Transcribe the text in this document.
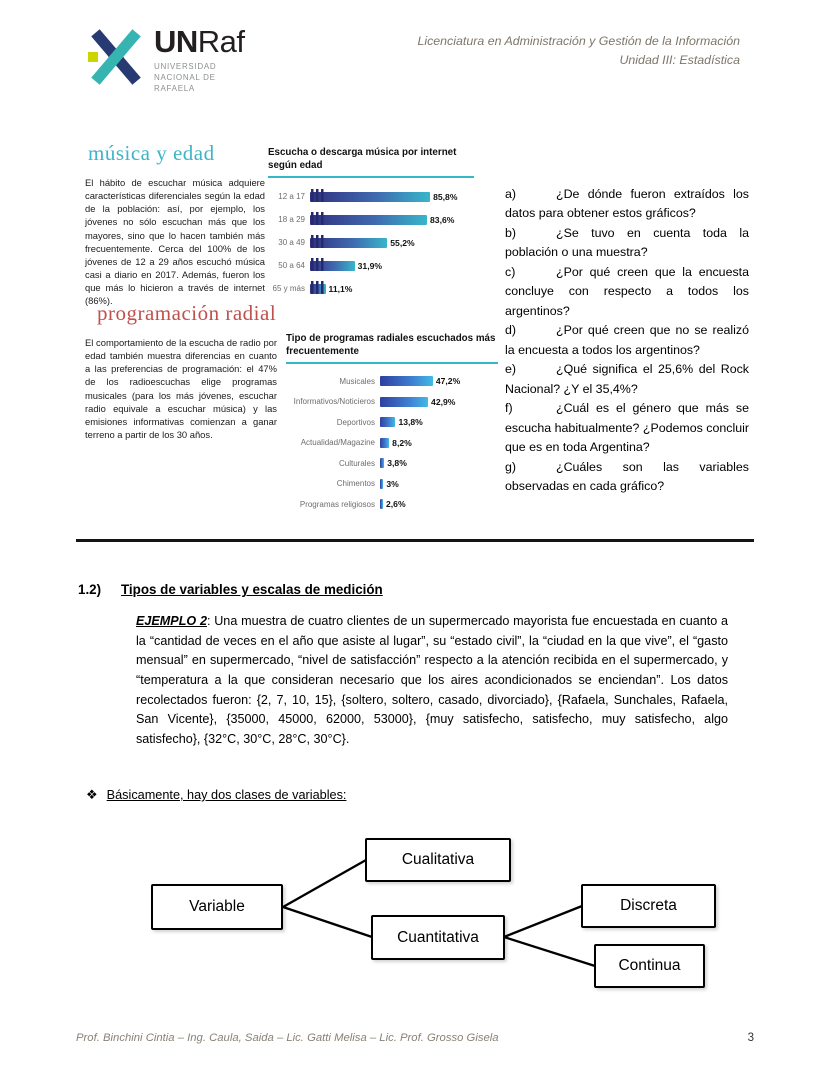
UNRaf
UNIVERSIDAD
NACIONAL DE
RAFAELA
Licenciatura en Administración y Gestión de la Información
Unidad III: Estadística
música y edad

El hábito de escuchar música adquiere características diferenciales según la edad de la población: así, por ejemplo, los jóvenes no sólo escuchan más que los mayores, sino que lo hacen también más frecuentemente. Cerca del 100% de los jóvenes de 12 a 29 años escuchó música casi a diario en 2017. Además, fueron los que más lo hicieron a través de internet (86%).

Escucha o descarga música por internet según edad
12 a 17	85,8%
18 a 29	83,6%
30 a 49	55,2%
50 a 64	31,9%
65 y más	11,1%

a)	¿De dónde fueron extraídos los datos para obtener estos gráficos?

b)	¿Se tuvo en cuenta toda la población o una muestra?

c)	¿Por qué creen que la encuesta concluye con respecto a todos los argentinos?

d)	¿Por qué creen que no se realizó la encuesta a todos los argentinos?

e)	¿Qué significa el 25,6% del Rock Nacional? ¿Y el 35,4%?

f)	¿Cuál es el género que más se escucha habitualmente? ¿Podemos concluir que es en toda Argentina?

g)	¿Cuáles son las variables observadas en cada gráfico?

programación radial

El comportamiento de la escucha de radio por edad también muestra diferencias en cuanto a las preferencias de programación: el 47% de los radioescuchas elige programas musicales (para los más jóvenes, escuchar radio equivale a escuchar música) y las emisiones informativas comienzan a ganar terreno a partir de los 30 años.

Tipo de programas radiales escuchados más frecuentemente
Musicales	47,2%
Informativos/Noticieros	42,9%
Deportivos	13,8%
Actualidad/Magazine	8,2%
Culturales	3,8%
Chimentos	3%
Programas religiosos	2,6%
1.2) Tipos de variables y escalas de medición

EJEMPLO 2: Una muestra de cuatro clientes de un supermercado mayorista fue encuestada en cuanto a la “cantidad de veces en el año que asiste al lugar”, su “estado civil”, la “ciudad en la que vive”, el “gasto mensual” en supermercado, “nivel de satisfacción” respecto a la atención recibida en el supermercado, y “temperatura a la que consideran necesario que los aires acondicionados se enciendan”. Los datos recolectados fueron: {2, 7, 10, 15}, {soltero, soltero, casado, divorciado}, {Rafaela, Sunchales, Rafaela, San Vicente}, {35000, 45000, 62000, 53000}, {muy satisfecho, satisfecho, muy satisfecho, algo satisfecho}, {32°C, 30°C, 28°C, 30°C}.

❖ Básicamente, hay dos clases de variables:
Variable
Cualitativa
Cuantitativa
Discreta
Continua
Prof. Binchini Cintia – Ing. Caula, Saida – Lic. Gatti Melisa – Lic. Prof. Grosso Gisela	3
